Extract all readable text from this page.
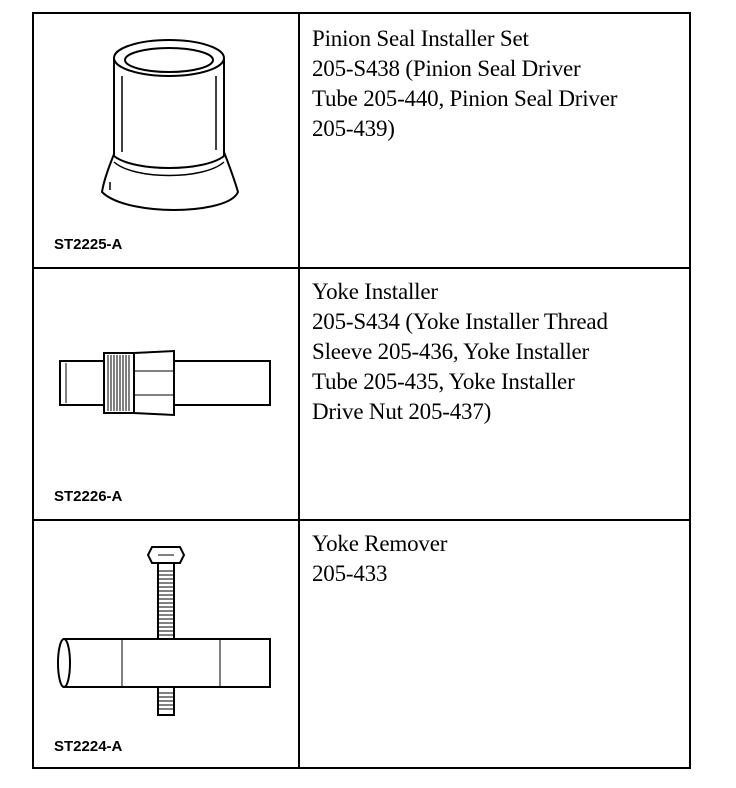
ST2225-A
Pinion Seal Installer Set
205-S438 (Pinion Seal Driver
Tube 205-440, Pinion Seal Driver
205-439)
ST2226-A
Yoke Installer
205-S434 (Yoke Installer Thread
Sleeve 205-436, Yoke Installer
Tube 205-435, Yoke Installer
Drive Nut 205-437)
ST2224-A
Yoke Remover
205-433
